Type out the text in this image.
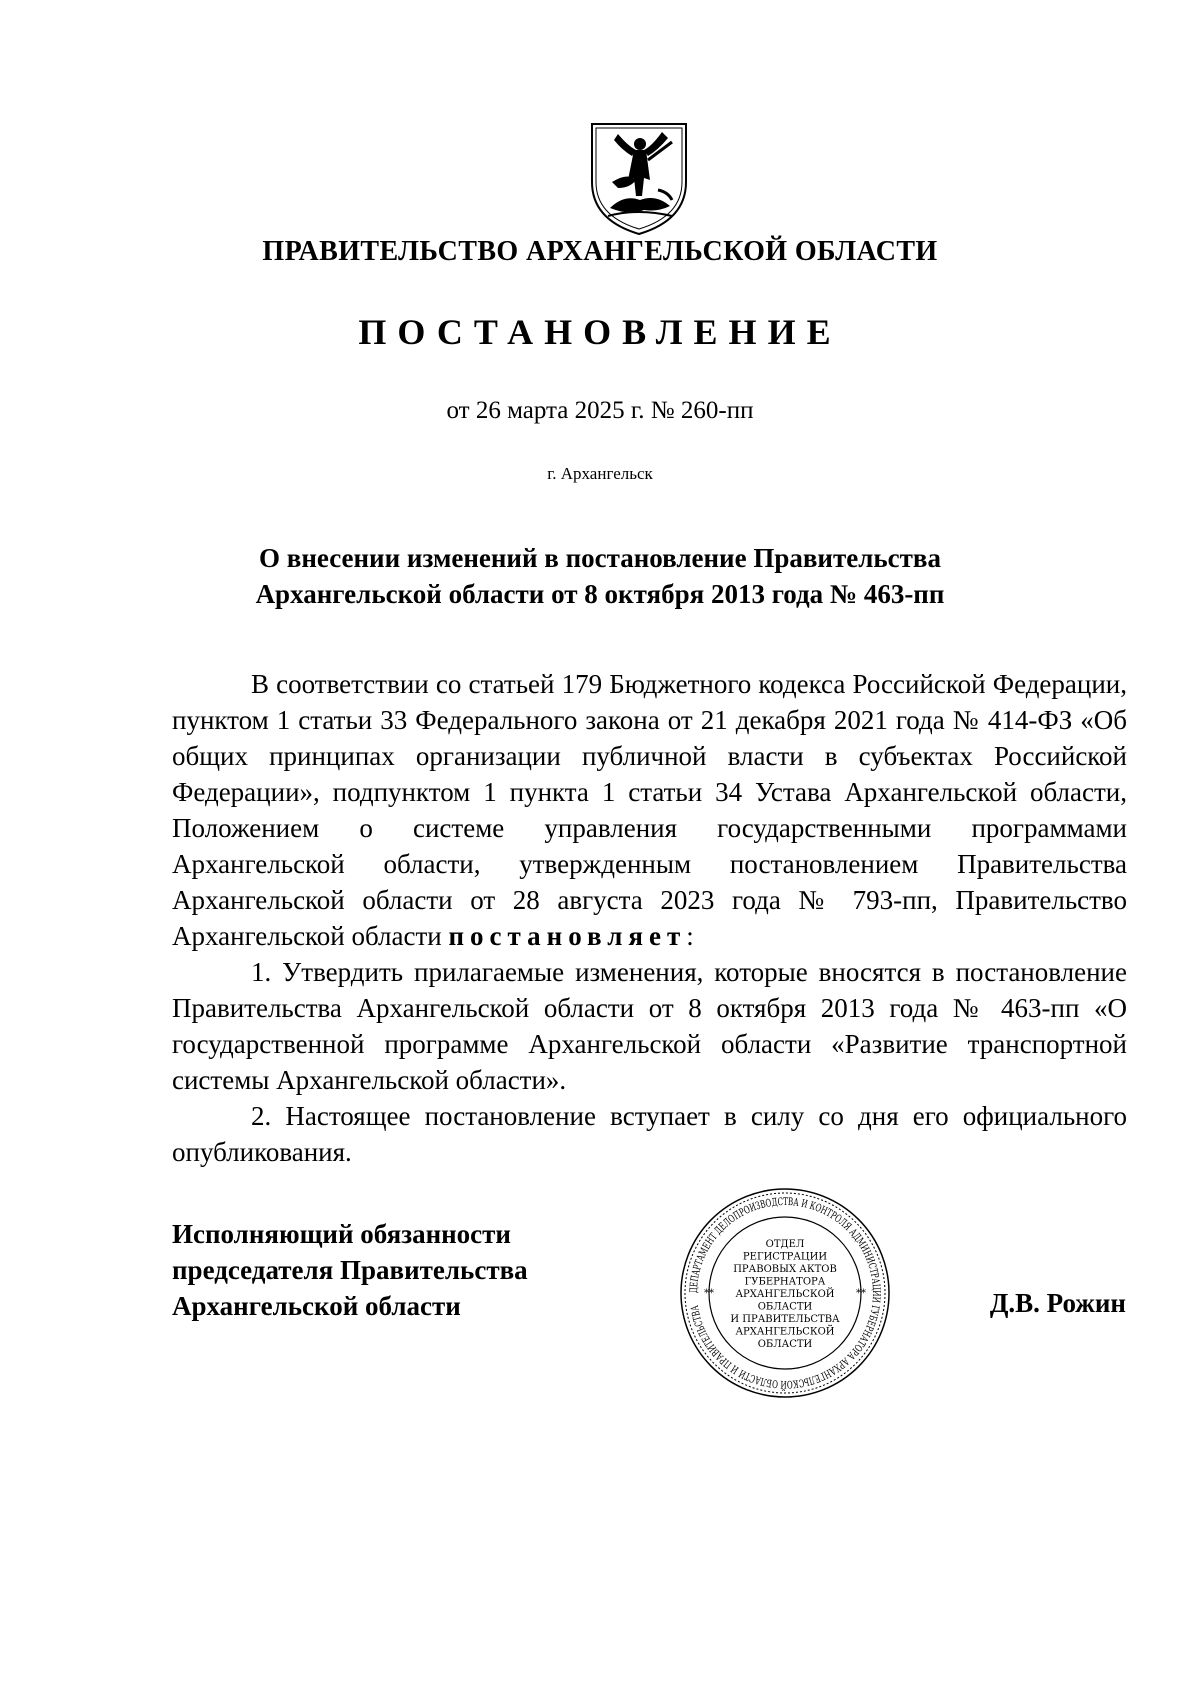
ПРАВИТЕЛЬСТВО АРХАНГЕЛЬСКОЙ ОБЛАСТИ
ПОСТАНОВЛЕНИЕ
от 26 марта 2025 г. № 260-пп
г. Архангельск
О внесении изменений в постановление Правительства
Архангельской области от 8 октября 2013 года № 463-пп

В соответствии со статьей 179 Бюджетного кодекса Российской Федерации, пунктом 1 статьи 33 Федерального закона от 21 декабря 2021 года № 414-ФЗ «Об общих принципах организации публичной власти в субъектах Российской Федерации», подпунктом 1 пункта 1 статьи 34 Устава Архангельской области, Положением о системе управления государственными программами Архангельской области, утвержденным постановлением Правительства Архангельской области от 28 августа 2023 года № 793-пп, Правительство Архангельской области постановляет:

1. Утвердить прилагаемые изменения, которые вносятся в постановление Правительства Архангельской области от 8 октября 2013 года № 463-пп «О государственной программе Архангельской области «Развитие транспортной системы Архангельской области».

2. Настоящее постановление вступает в силу со дня его официального опубликования.

Исполняющий обязанности
председателя Правительства
Архангельской области
ДЕПАРТАМЕНТ ДЕЛОПРОИЗВОДСТВА И КОНТРОЛЯ АДМИНИСТРАЦИИ ГУБЕРНАТОРА АРХАНГЕЛЬСКОЙ ОБЛАСТИ И ПРАВИТЕЛЬСТВА
**	**
ОТДЕЛ
РЕГИСТРАЦИИ
ПРАВОВЫХ АКТОВ
ГУБЕРНАТОРА
АРХАНГЕЛЬСКОЙ
ОБЛАСТИ
И ПРАВИТЕЛЬСТВА
АРХАНГЕЛЬСКОЙ
ОБЛАСТИ
Д.В. Рожин
